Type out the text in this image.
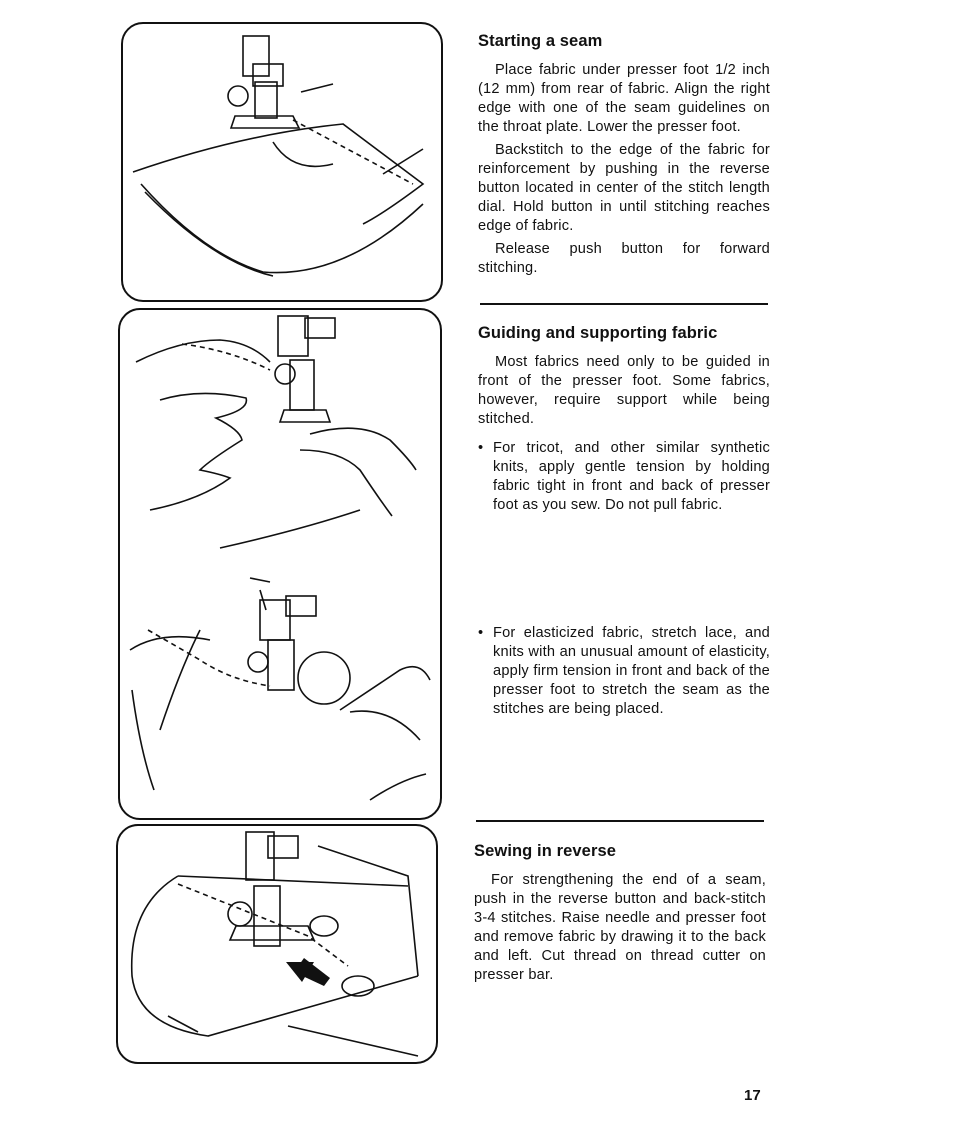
Starting a seam

Place fabric under presser foot 1/2 inch (12 mm) from rear of fabric. Align the right edge with one of the seam guidelines on the throat plate. Lower the presser foot.

Backstitch to the edge of the fabric for reinforcement by pushing in the reverse button located in center of the stitch length dial. Hold button in until stitching reaches edge of fabric.

Release push button for forward stitching.

Guiding and supporting fabric

Most fabrics need only to be guided in front of the presser foot. Some fabrics, however, require support while being stitched.

• For tricot, and other similar synthetic knits, apply gentle tension by holding fabric tight in front and back of presser foot as you sew. Do not pull fabric.
• For elasticized fabric, stretch lace, and knits with an unusual amount of elasticity, apply firm tension in front and back of the presser foot to stretch the seam as the stitches are being placed.
Sewing in reverse

For strengthening the end of a seam, push in the reverse button and back-stitch 3-4 stitches. Raise needle and presser foot and remove fabric by drawing it to the back and left. Cut thread on thread cutter on presser bar.

17
